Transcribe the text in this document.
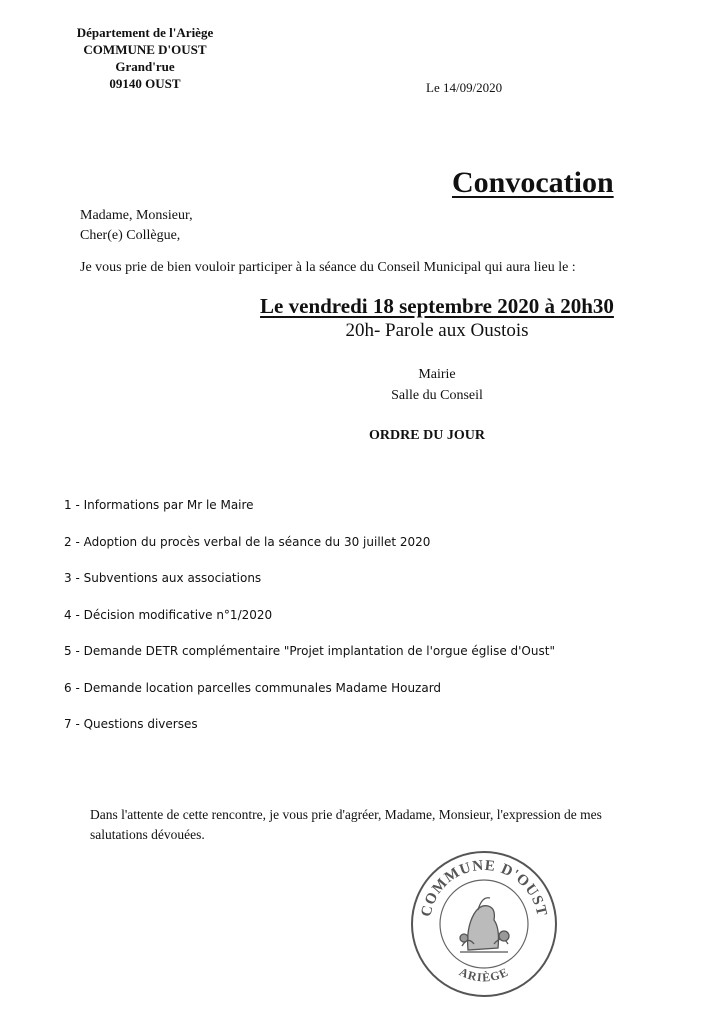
Département de l'Ariège
COMMUNE D'OUST
Grand'rue
09140 OUST	Le 14/09/2020
Convocation
Madame, Monsieur,
Cher(e) Collègue,
Je vous prie de bien vouloir participer à la séance du Conseil Municipal qui aura lieu le :
Le vendredi 18 septembre 2020 à 20h30
20h- Parole aux Oustois
Mairie
Salle du Conseil
ORDRE DU JOUR
1 - Informations par Mr le Maire
2 - Adoption du procès verbal de la séance du 30 juillet 2020
3 - Subventions aux associations
4 - Décision modificative n°1/2020
5 - Demande DETR complémentaire "Projet implantation de l'orgue église d'Oust"
6 - Demande location parcelles communales Madame Houzard
7 - Questions diverses
Dans l'attente de cette rencontre, je vous prie d'agréer, Madame, Monsieur, l'expression de mes salutations dévouées.
COMMUNE D'OUST
ARIÈGE
